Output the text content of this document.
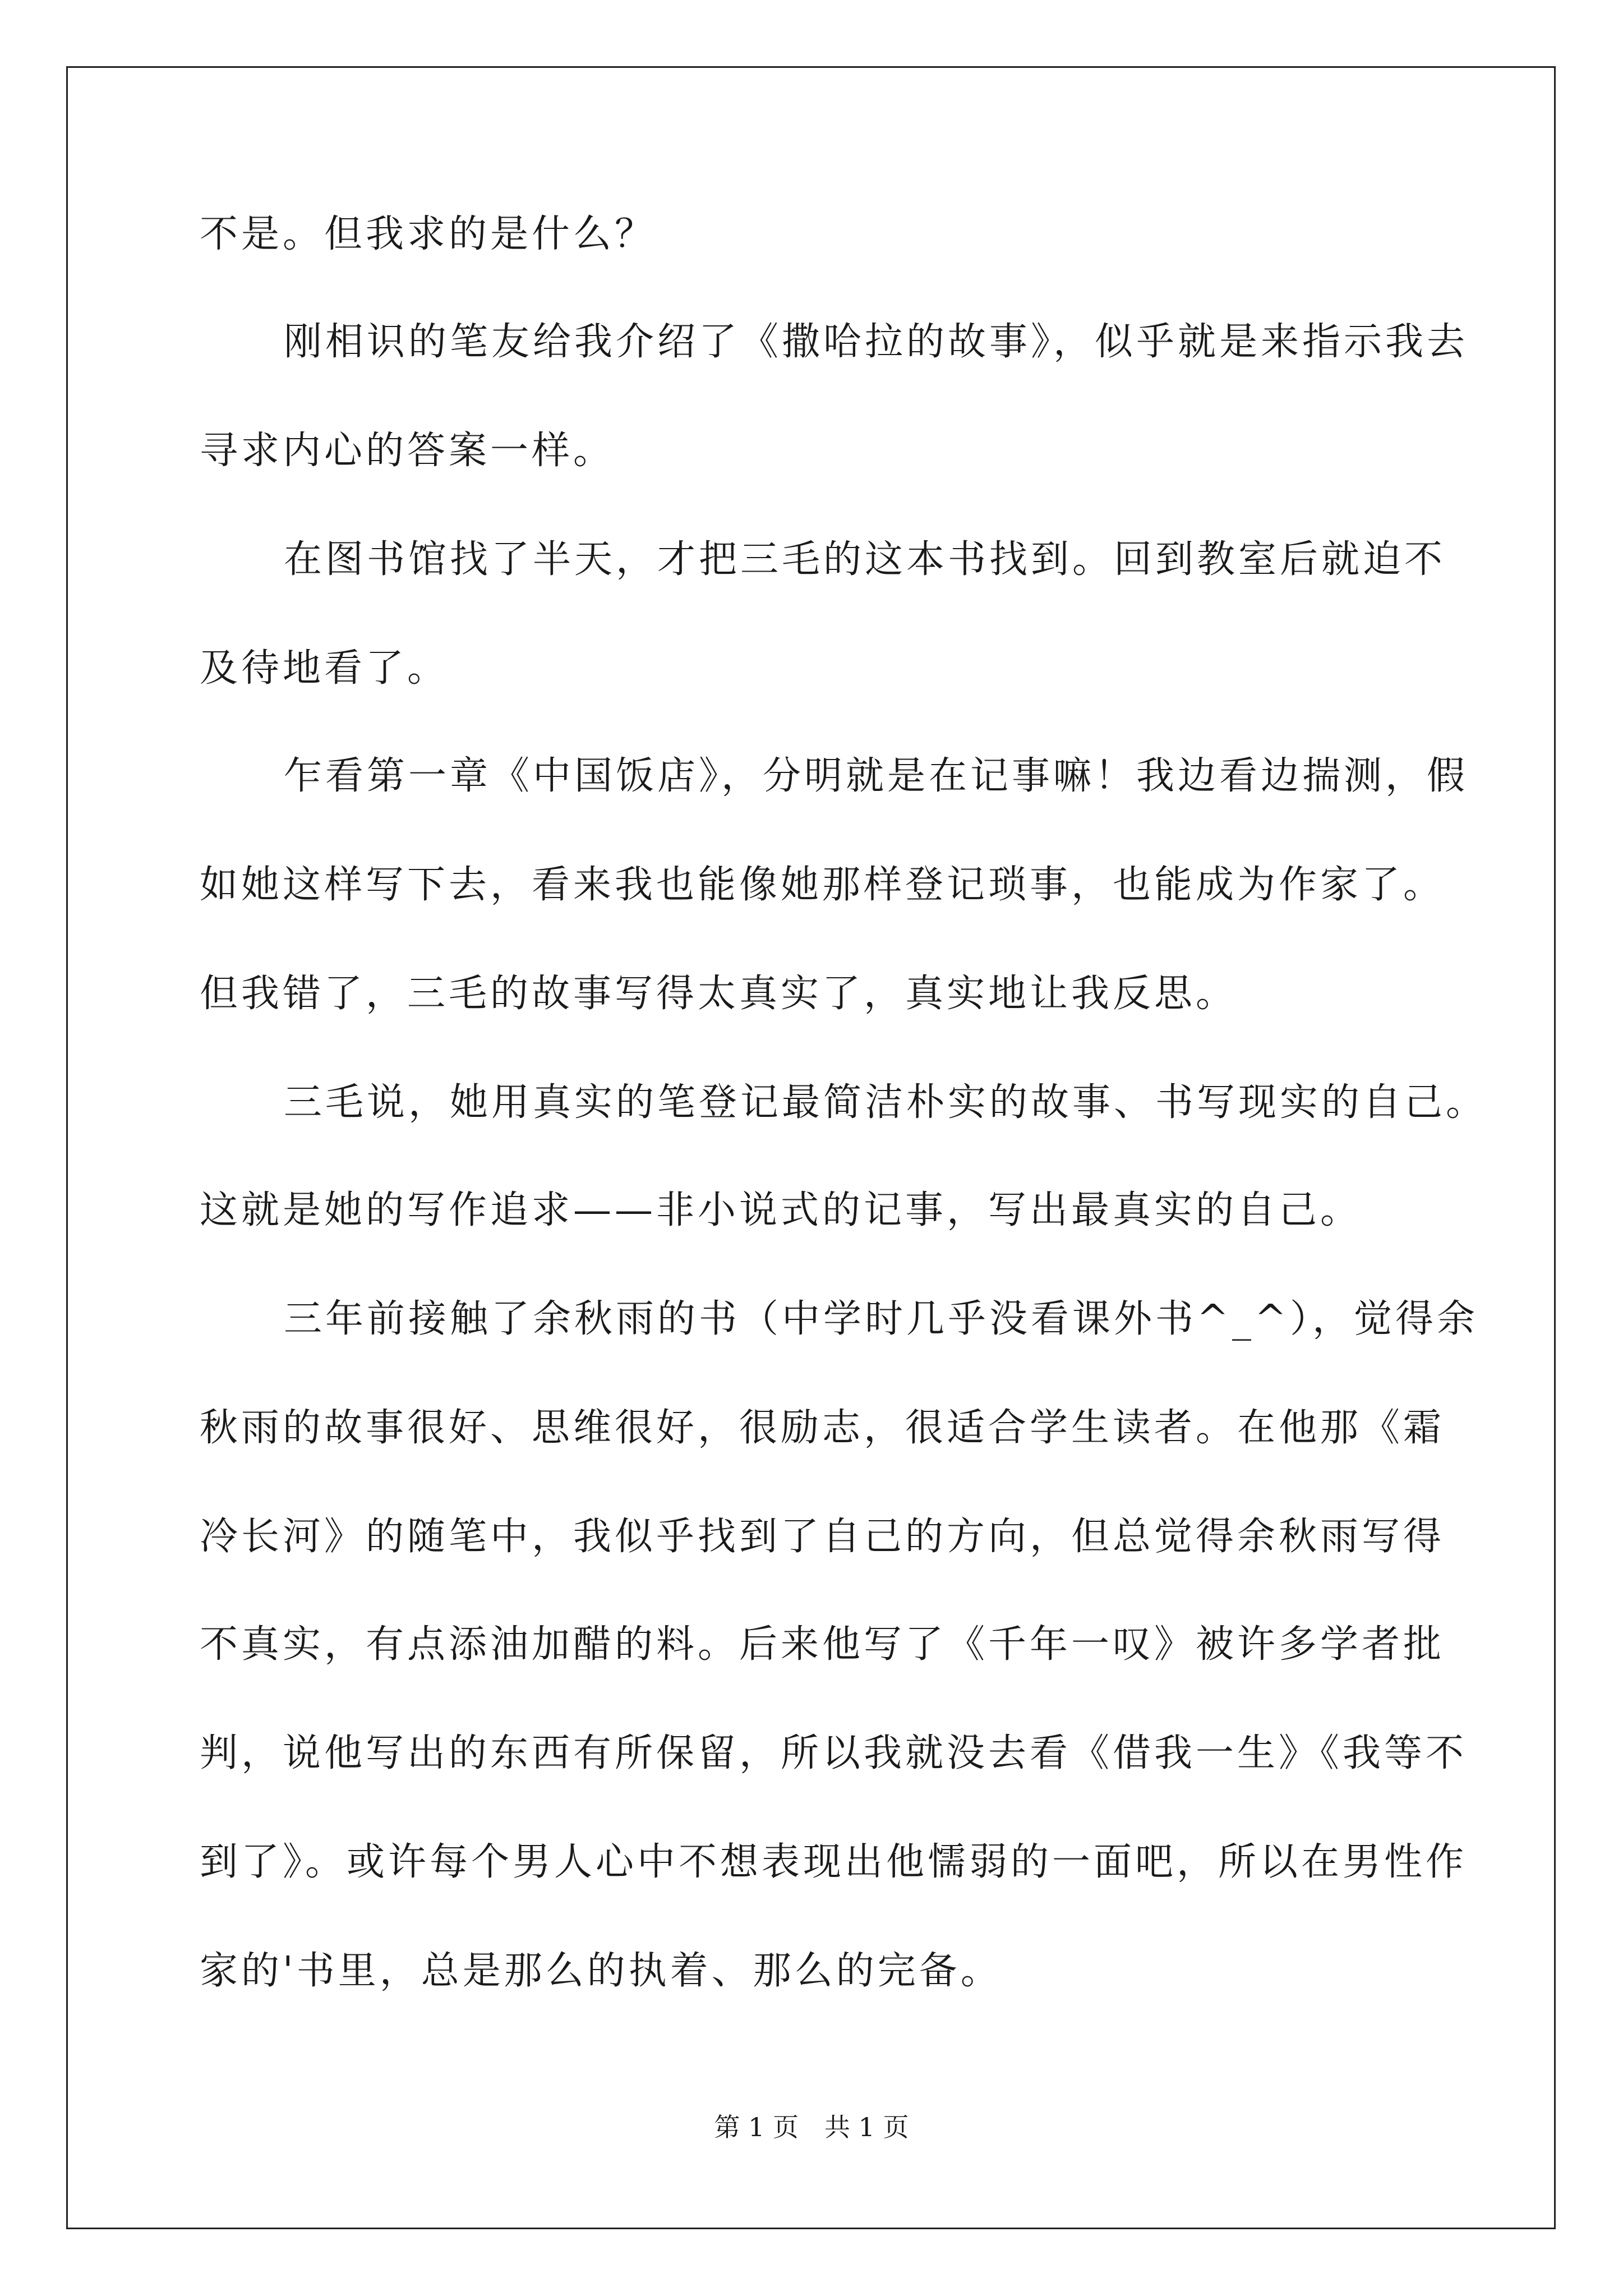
不是。但我求的是什么？
刚相识的笔友给我介绍了《撒哈拉的故事》，似乎就是来指示我去
寻求内心的答案一样。
在图书馆找了半天，才把三毛的这本书找到。回到教室后就迫不
及待地看了。
乍看第一章《中国饭店》，分明就是在记事嘛！我边看边揣测，假
如她这样写下去，看来我也能像她那样登记琐事，也能成为作家了。
但我错了，三毛的故事写得太真实了，真实地让我反思。
三毛说，她用真实的笔登记最简洁朴实的故事、书写现实的自己。
这就是她的写作追求——非小说式的记事，写出最真实的自己。
三年前接触了余秋雨的书（中学时几乎没看课外书^_^），觉得余
秋雨的故事很好、思维很好，很励志，很适合学生读者。在他那《霜
冷长河》的随笔中，我似乎找到了自己的方向，但总觉得余秋雨写得
不真实，有点添油加醋的料。后来他写了《千年一叹》被许多学者批
判，说他写出的东西有所保留，所以我就没去看《借我一生》《我等不
到了》。或许每个男人心中不想表现出他懦弱的一面吧，所以在男性作
家的'书里，总是那么的执着、那么的完备。
第 1 页　共 1 页
